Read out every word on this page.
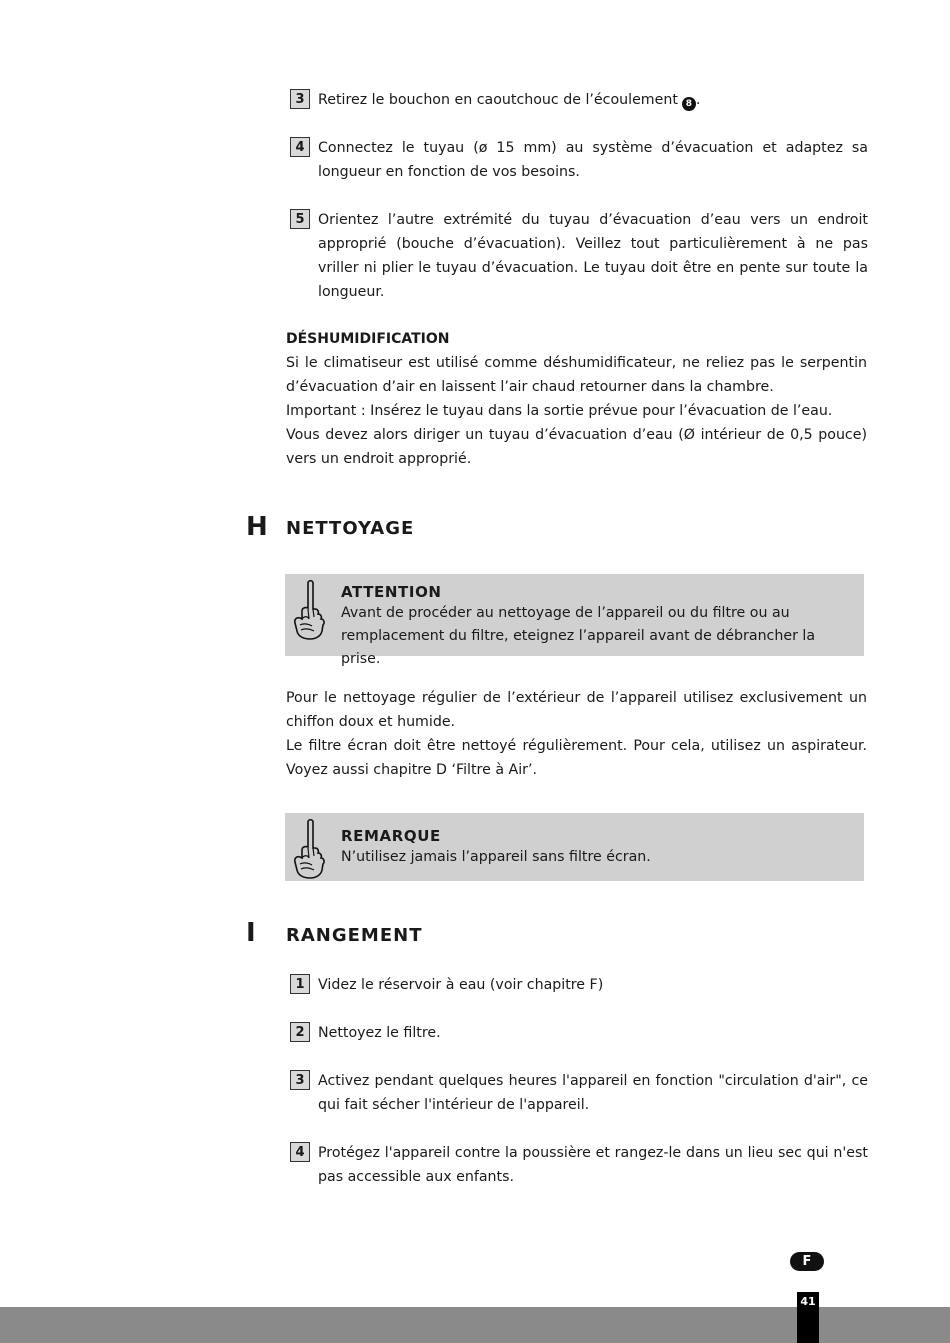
3 Retirez le bouchon en caoutchouc de l’écoulement 8 .
4 Connectez le tuyau (ø 15 mm) au système d’évacuation et adaptez sa longueur en fonction de vos besoins.
5 Orientez l’autre extrémité du tuyau d’évacuation d’eau vers un endroit approprié (bouche d’évacuation). Veillez tout particulièrement à ne pas vriller ni plier le tuyau d’évacuation. Le tuyau doit être en pente sur toute la longueur.

DÉSHUMIDIFICATION

Si le climatiseur est utilisé comme déshumidificateur, ne reliez pas le serpentin d’évacuation d’air en laissent l’air chaud retourner dans la chambre.

Important : Insérez le tuyau dans la sortie prévue pour l’évacuation de l’eau.

Vous devez alors diriger un tuyau d’évacuation d’eau (Ø intérieur de 0,5 pouce) vers un endroit approprié.

H NETTOYAGE
ATTENTION
Avant de procéder au nettoyage de l’appareil ou du filtre ou au remplacement du filtre, eteignez l’appareil avant de débrancher la prise.

Pour le nettoyage régulier de l’extérieur de l’appareil utilisez exclusivement un chiffon doux et humide.

Le filtre écran doit être nettoyé régulièrement. Pour cela, utilisez un aspirateur. Voyez aussi chapitre D ‘Filtre à Air’.

REMARQUE
N’utilisez jamais l’appareil sans filtre écran.
I RANGEMENT
1 Videz le réservoir à eau (voir chapitre F)
2 Nettoyez le filtre.
3 Activez pendant quelques heures l'appareil en fonction "circulation d'air", ce qui fait sécher l'intérieur de l'appareil.
4 Protégez l'appareil contre la poussière et rangez-le dans un lieu sec qui n'est pas accessible aux enfants.
F
41
